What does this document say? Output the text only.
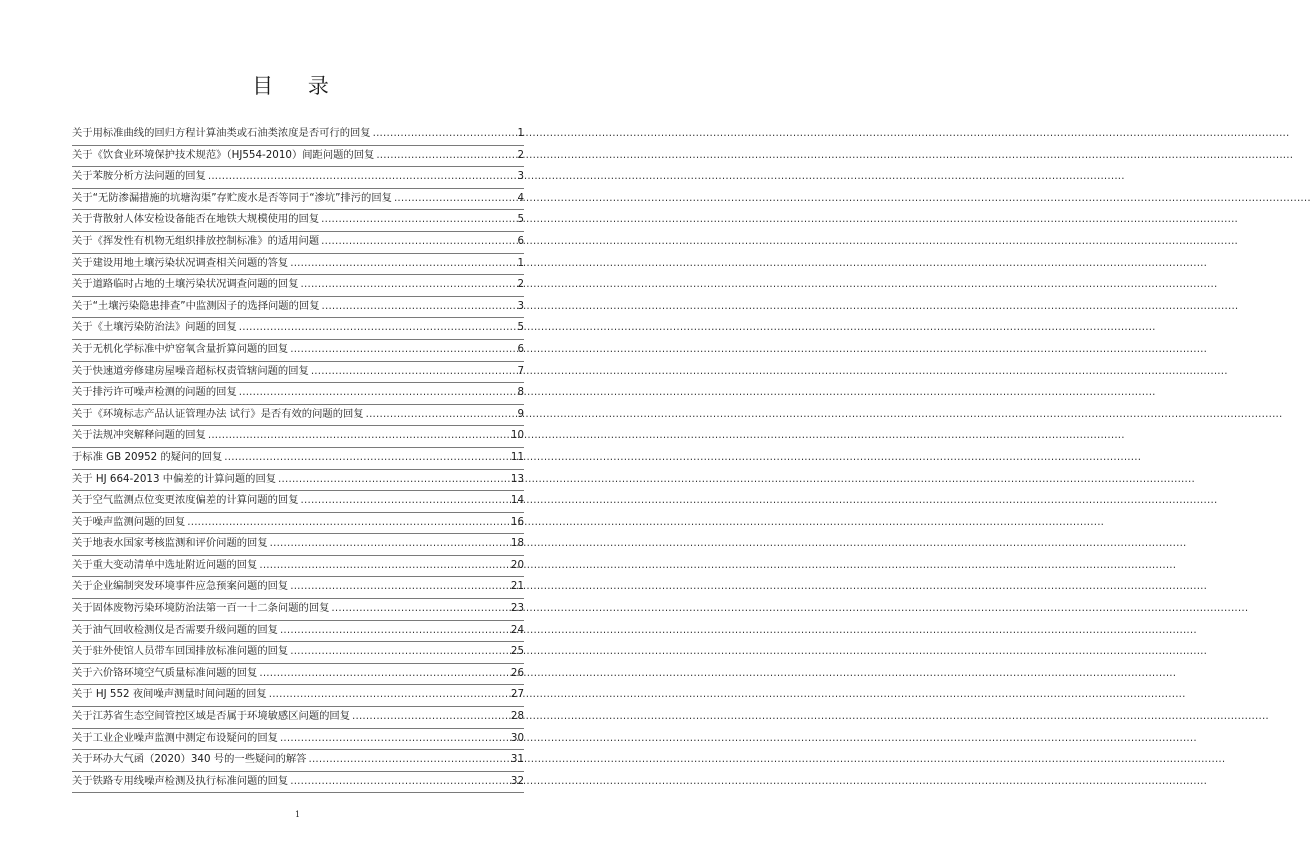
目 录
关于用标准曲线的回归方程计算油类或石油类浓度是否可行的回复 .....	1
关于《饮食业环境保护技术规范》（HJ554-2010）间距问题的回复 .....	2
关于苯胺分析方法问题的回复 .....	3
关于“无防渗漏措施的坑塘沟渠”存贮废水是否等同于“渗坑”排污的回复 .....	4
关于背散射人体安检设备能否在地铁大规模使用的回复 .....	5
关于《挥发性有机物无组织排放控制标准》的适用问题 .....	6
关于建设用地土壤污染状况调查相关问题的答复 .....	1
关于道路临时占地的土壤污染状况调查问题的回复 .....	2
关于“土壤污染隐患排查”中监测因子的选择问题的回复 .....	3
关于《土壤污染防治法》问题的回复 .....	5
关于无机化学标准中炉窑氧含量折算问题的回复 .....	6
关于快速道旁修建房屋噪音超标权责管辖问题的回复 .....	7
关于排污许可噪声检测的问题的回复 .....	8
关于《环境标志产品认证管理办法 试行》是否有效的问题的回复 .....	9
关于法规冲突解释问题的回复 .....	10
于标准 GB 20952 的疑问的回复 .....	11
关于 HJ 664-2013 中偏差的计算问题的回复 .....	13
关于空气监测点位变更浓度偏差的计算问题的回复 .....	14
关于噪声监测问题的回复 .....	16
关于地表水国家考核监测和评价问题的回复 .....	18
关于重大变动清单中选址附近问题的回复 .....	20
关于企业编制突发环境事件应急预案问题的回复 .....	21
关于固体废物污染环境防治法第一百一十二条问题的回复 .....	23
关于油气回收检测仪是否需要升级问题的回复 .....	24
关于驻外使馆人员带车回国排放标准问题的回复 .....	25
关于六价铬环境空气质量标准问题的回复 .....	26
关于 HJ 552 夜间噪声测量时间问题的回复 .....	27
关于江苏省生态空间管控区域是否属于环境敏感区问题的回复 .....	28
关于工业企业噪声监测中测定布设疑问的回复 .....	30
关于环办大气函（2020）340 号的一些疑问的解答 .....	31
关于铁路专用线噪声检测及执行标准问题的回复 .....	32
1
